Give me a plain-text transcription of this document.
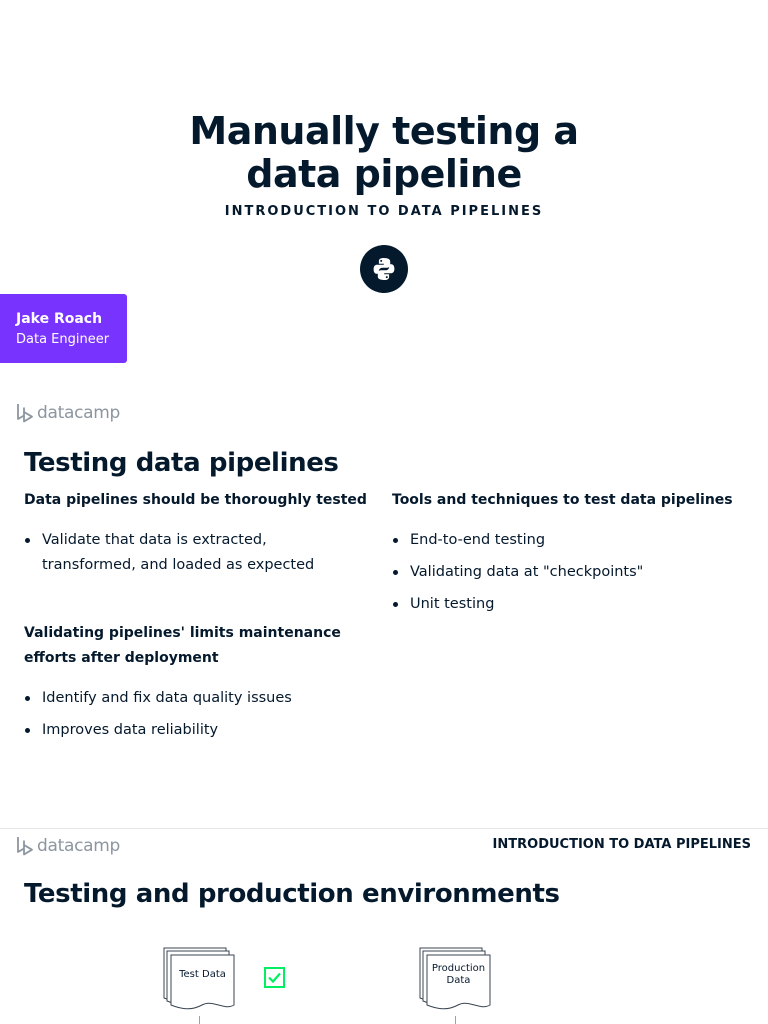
Manually testing a
data pipeline
INTRODUCTION TO DATA PIPELINES
Jake Roach
Data Engineer
datacamp
Testing data pipelines
Data pipelines should be thoroughly tested
Validate that data is extracted, transformed, and loaded as expected
Validating pipelines' limits maintenance efforts after deployment
Identify and fix data quality issues
Improves data reliability
Tools and techniques to test data pipelines
End-to-end testing
Validating data at "checkpoints"
Unit testing
datacamp	INTRODUCTION TO DATA PIPELINES
Testing and production environments
Test Data
Production
Data
